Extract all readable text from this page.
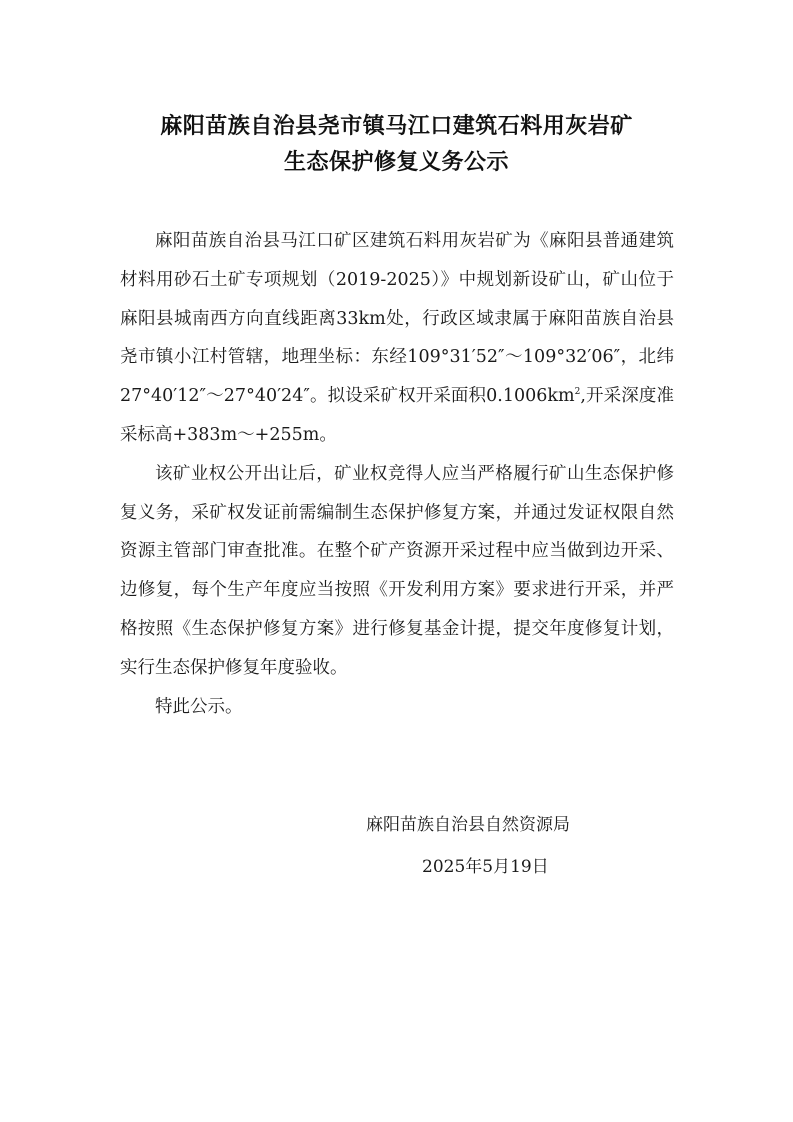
麻阳苗族自治县尧市镇马江口建筑石料用灰岩矿
生态保护修复义务公示

麻阳苗族自治县马江口矿区建筑石料用灰岩矿为《麻阳县普通建筑材料用砂石土矿专项规划（2019-2025）》中规划新设矿山，矿山位于麻阳县城南西方向直线距离33km处，行政区域隶属于麻阳苗族自治县尧市镇小江村管辖，地理坐标：东经109°31′52″～109°32′06″，北纬27°40′12″～27°40′24″。拟设采矿权开采面积$0.1006km^2$,开采深度准采标高+383m～+255m。

该矿业权公开出让后，矿业权竞得人应当严格履行矿山生态保护修复义务，采矿权发证前需编制生态保护修复方案，并通过发证权限自然资源主管部门审查批准。在整个矿产资源开采过程中应当做到边开采、边修复，每个生产年度应当按照《开发利用方案》要求进行开采，并严格按照《生态保护修复方案》进行修复基金计提，提交年度修复计划，实行生态保护修复年度验收。

特此公示。

麻阳苗族自治县自然资源局
2025年5月19日
